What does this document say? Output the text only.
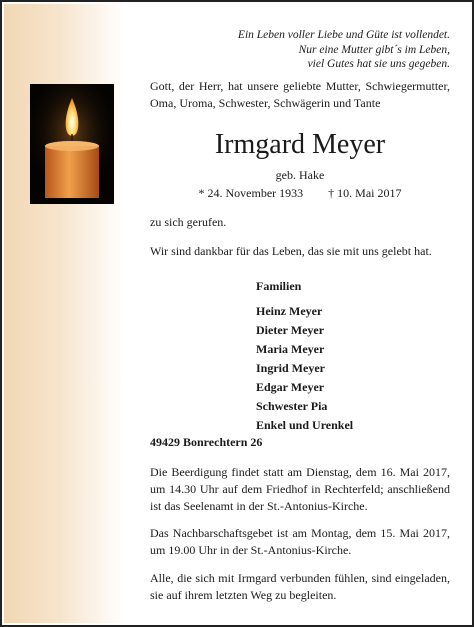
Ein Leben voller Liebe und Güte ist vollendet.
Nur eine Mutter gibt´s im Leben,
viel Gutes hat sie uns gegeben.
Gott, der Herr, hat unsere geliebte Mutter, Schwiegermutter, Oma, Uroma, Schwester, Schwägerin und Tante
Irmgard Meyer
geb. Hake
* 24. November 1933 † 10. Mai 2017
zu sich gerufen.
Wir sind dankbar für das Leben, das sie mit uns gelebt hat.
Familien
Heinz Meyer
Dieter Meyer
Maria Meyer
Ingrid Meyer
Edgar Meyer
Schwester Pia
Enkel und Urenkel
49429 Bonrechtern 26
Die Beerdigung findet statt am Dienstag, dem 16. Mai 2017, um 14.30 Uhr auf dem Friedhof in Rechterfeld; anschließend ist das Seelenamt in der St.-Antonius-Kirche.
Das Nachbarschaftsgebet ist am Montag, dem 15. Mai 2017, um 19.00 Uhr in der St.-Antonius-Kirche.
Alle, die sich mit Irmgard verbunden fühlen, sind eingeladen, sie auf ihrem letzten Weg zu begleiten.
